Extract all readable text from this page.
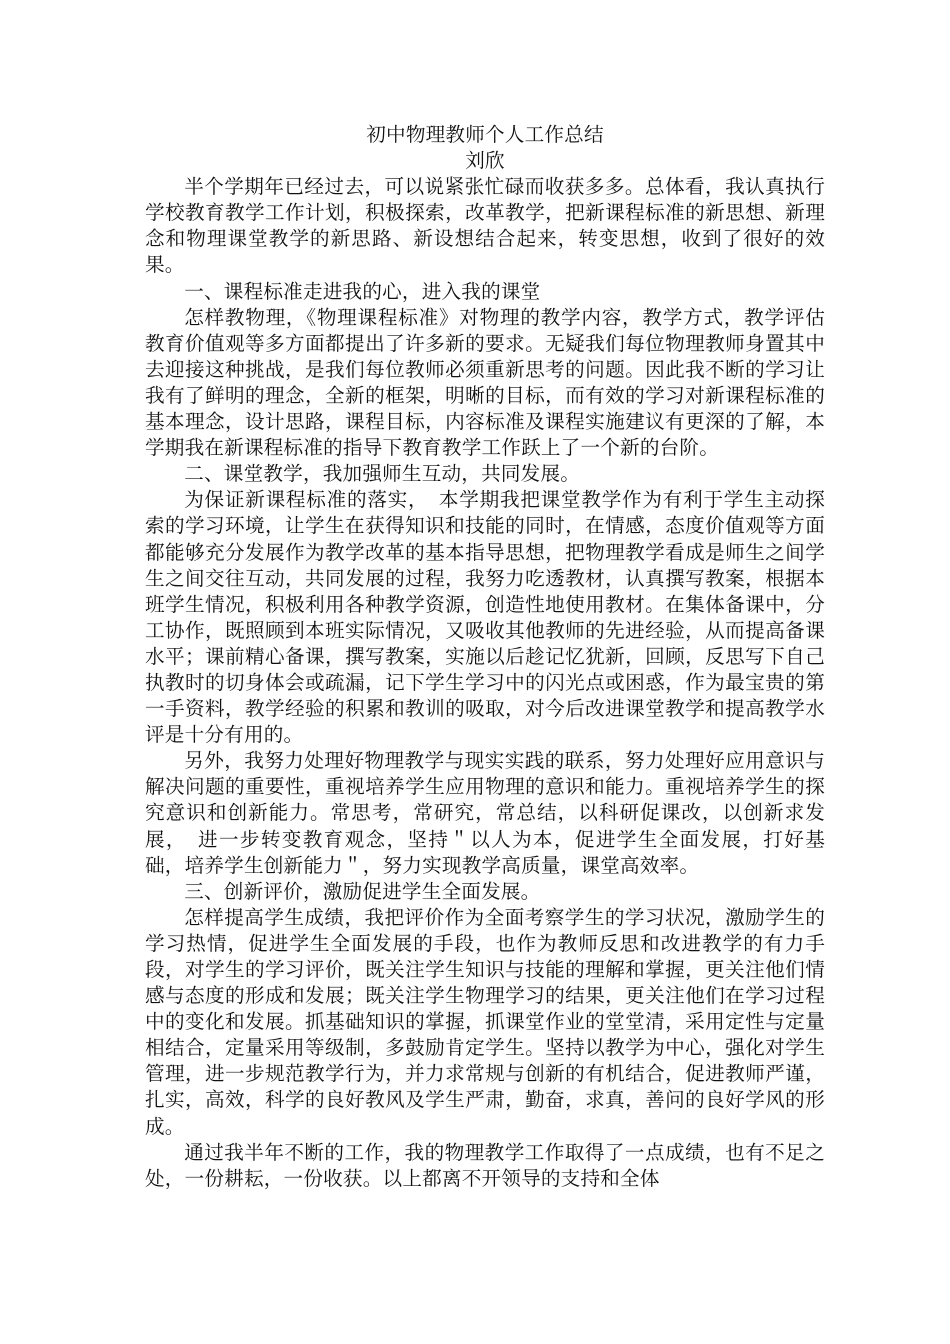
初中物理教师个人工作总结

刘欣

半个学期年已经过去，可以说紧张忙碌而收获多多。总体看，我认真执行学校教育教学工作计划，积极探索，改革教学，把新课程标准的新思想、新理念和物理课堂教学的新思路、新设想结合起来，转变思想，收到了很好的效果。

一、课程标准走进我的心，进入我的课堂

怎样教物理，《物理课程标准》对物理的教学内容，教学方式，教学评估教育价值观等多方面都提出了许多新的要求。无疑我们每位物理教师身置其中去迎接这种挑战，是我们每位教师必须重新思考的问题。因此我不断的学习让我有了鲜明的理念，全新的框架，明晰的目标，而有效的学习对新课程标准的基本理念，设计思路，课程目标，内容标准及课程实施建议有更深的了解，本学期我在新课程标准的指导下教育教学工作跃上了一个新的台阶。

二、课堂教学，我加强师生互动，共同发展。

为保证新课程标准的落实，　本学期我把课堂教学作为有利于学生主动探索的学习环境，让学生在获得知识和技能的同时，在情感，态度价值观等方面都能够充分发展作为教学改革的基本指导思想，把物理教学看成是师生之间学生之间交往互动，共同发展的过程，我努力吃透教材，认真撰写教案，根据本班学生情况，积极利用各种教学资源，创造性地使用教材。在集体备课中，分工协作，既照顾到本班实际情况，又吸收其他教师的先进经验，从而提高备课水平；课前精心备课，撰写教案，实施以后趁记忆犹新，回顾，反思写下自己执教时的切身体会或疏漏，记下学生学习中的闪光点或困惑，作为最宝贵的第一手资料，教学经验的积累和教训的吸取，对今后改进课堂教学和提高教学水评是十分有用的。

另外，我努力处理好物理教学与现实实践的联系，努力处理好应用意识与解决问题的重要性，重视培养学生应用物理的意识和能力。重视培养学生的探究意识和创新能力。常思考，常研究，常总结，以科研促课改，以创新求发展，　进一步转变教育观念，坚持＂以人为本，促进学生全面发展，打好基础，培养学生创新能力＂，努力实现教学高质量，课堂高效率。

三、创新评价，激励促进学生全面发展。

怎样提高学生成绩，我把评价作为全面考察学生的学习状况，激励学生的学习热情，促进学生全面发展的手段，也作为教师反思和改进教学的有力手段，对学生的学习评价，既关注学生知识与技能的理解和掌握，更关注他们情感与态度的形成和发展；既关注学生物理学习的结果，更关注他们在学习过程中的变化和发展。抓基础知识的掌握，抓课堂作业的堂堂清，采用定性与定量相结合，定量采用等级制，多鼓励肯定学生。坚持以教学为中心，强化对学生管理，进一步规范教学行为，并力求常规与创新的有机结合，促进教师严谨，扎实，高效，科学的良好教风及学生严肃，勤奋，求真，善问的良好学风的形成。

通过我半年不断的工作，我的物理教学工作取得了一点成绩，也有不足之处，一份耕耘，一份收获。以上都离不开领导的支持和全体
